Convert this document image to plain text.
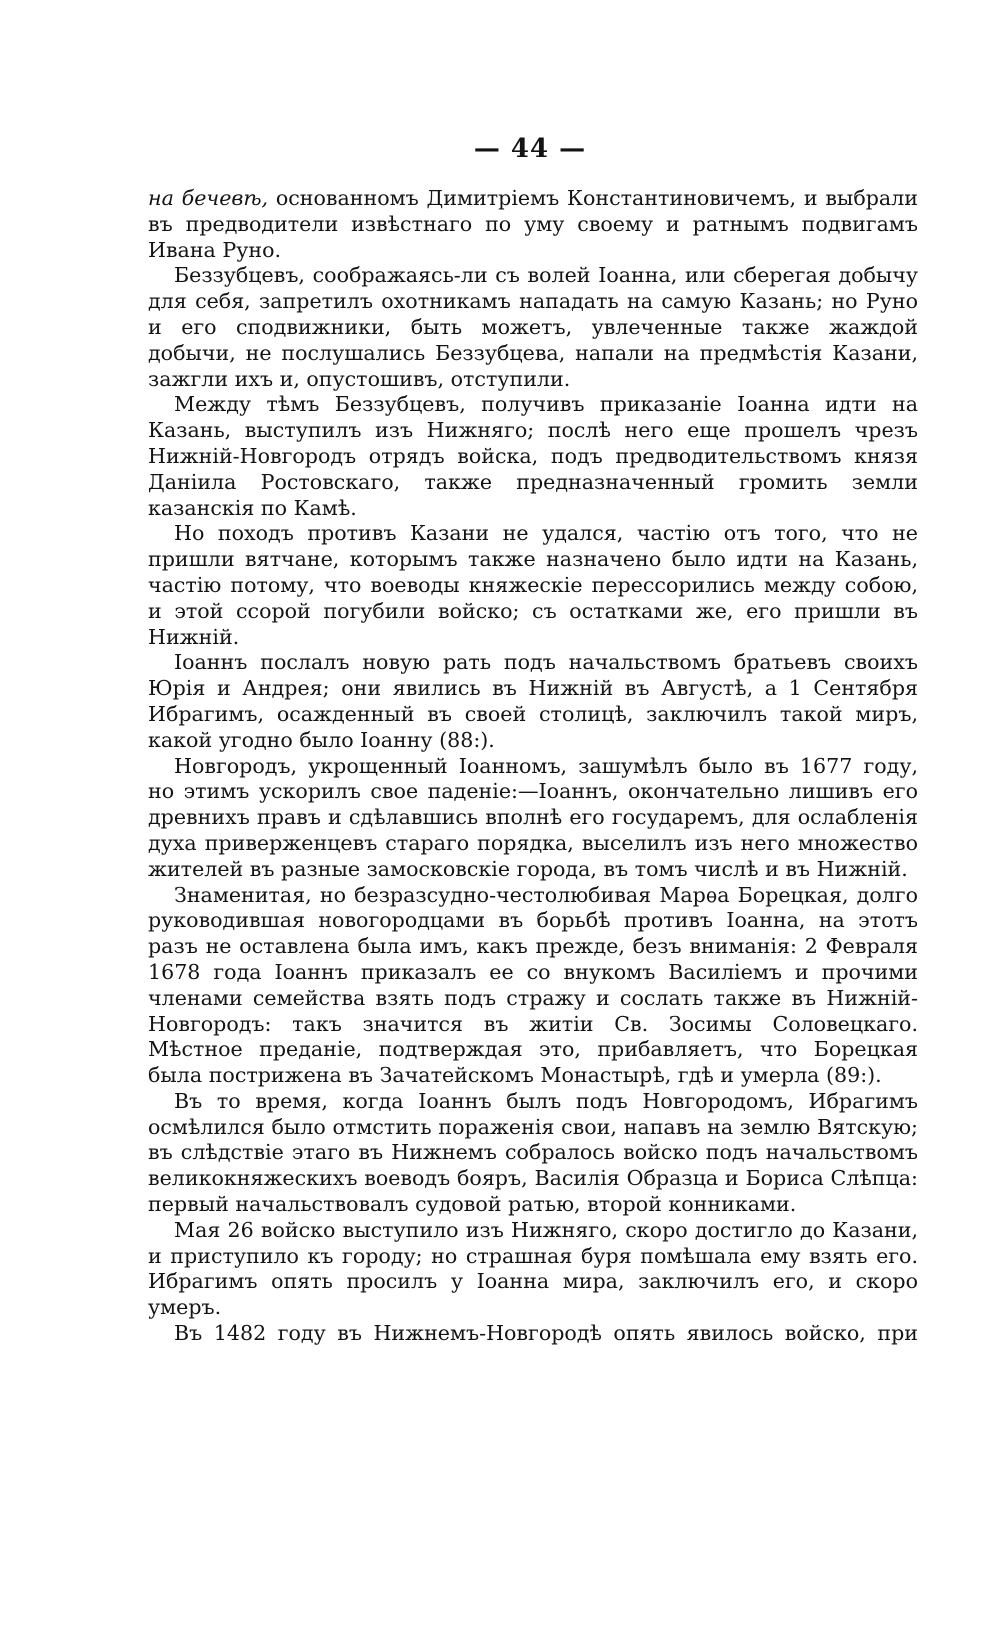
— 44 —

на бечевѣ, основанномъ Димитріемъ Константиновичемъ, и выбрали въ предводители извѣстнаго по уму своему и ратнымъ подвигамъ Ивана Руно.

Беззубцевъ, соображаясь-ли съ волей Іоанна, или сберегая добычу для себя, запретилъ охотникамъ нападать на самую Казань; но Руно и его сподвижники, быть можетъ, увлеченные также жаждой добычи, не послушались Беззубцева, напали на предмѣстія Казани, зажгли ихъ и, опустошивъ, отступили.

Между тѣмъ Беззубцевъ, получивъ приказаніе Іоанна идти на Казань, выступилъ изъ Нижняго; послѣ него еще прошелъ чрезъ Нижній-Новгородъ отрядъ войска, подъ предводительствомъ князя Даніила Ростовскаго, также предназначенный громить земли казанскія по Камѣ.

Но походъ противъ Казани не удался, частію отъ того, что не пришли вятчане, которымъ также назначено было идти на Казань, частію потому, что воеводы княжескіе перессорились между собою, и этой ссорой погубили войско; съ остатками же, его пришли въ Нижній.

Іоаннъ послалъ новую рать подъ начальствомъ братьевъ своихъ Юрія и Андрея; они явились въ Нижній въ Августѣ, а 1 Сентября Ибрагимъ, осажденный въ своей столицѣ, заключилъ такой миръ, какой угодно было Іоанну (88:).

Новгородъ, укрощенный Іоанномъ, зашумѣлъ было въ 1677 году, но этимъ ускорилъ свое паденіе:—Іоаннъ, окончательно лишивъ его древнихъ правъ и сдѣлавшись вполнѣ его государемъ, для ослабленія духа приверженцевъ стараго порядка, выселилъ изъ него множество жителей въ разные замосковскіе города, въ томъ числѣ и въ Нижній.

Знаменитая, но безразсудно-честолюбивая Марѳа Борецкая, долго руководившая новогородцами въ борьбѣ противъ Іоанна, на этотъ разъ не оставлена была имъ, какъ прежде, безъ вниманія: 2 Февраля 1678 года Іоаннъ приказалъ ее со внукомъ Василіемъ и прочими членами семейства взять подъ стражу и сослать также въ Нижній-Новгородъ: такъ значится въ житіи Св. Зосимы Соловецкаго. Мѣстное преданіе, подтверждая это, прибавляетъ, что Борецкая была пострижена въ Зачатейскомъ Монастырѣ, гдѣ и умерла (89:).

Въ то время, когда Іоаннъ былъ подъ Новгородомъ, Ибрагимъ осмѣлился было отмстить пораженія свои, напавъ на землю Вятскую; въ слѣдствіе этаго въ Нижнемъ собралось войско подъ начальствомъ великокняжескихъ воеводъ бояръ, Василія Образца и Бориса Слѣпца: первый начальствовалъ судовой ратью, второй конниками.

Мая 26 войско выступило изъ Нижняго, скоро достигло до Казани, и приступило къ городу; но страшная буря помѣшала ему взять его. Ибрагимъ опять просилъ у Іоанна мира, заключилъ его, и скоро умеръ.

Въ 1482 году въ Нижнемъ-Новгородѣ опять явилось войско, при
